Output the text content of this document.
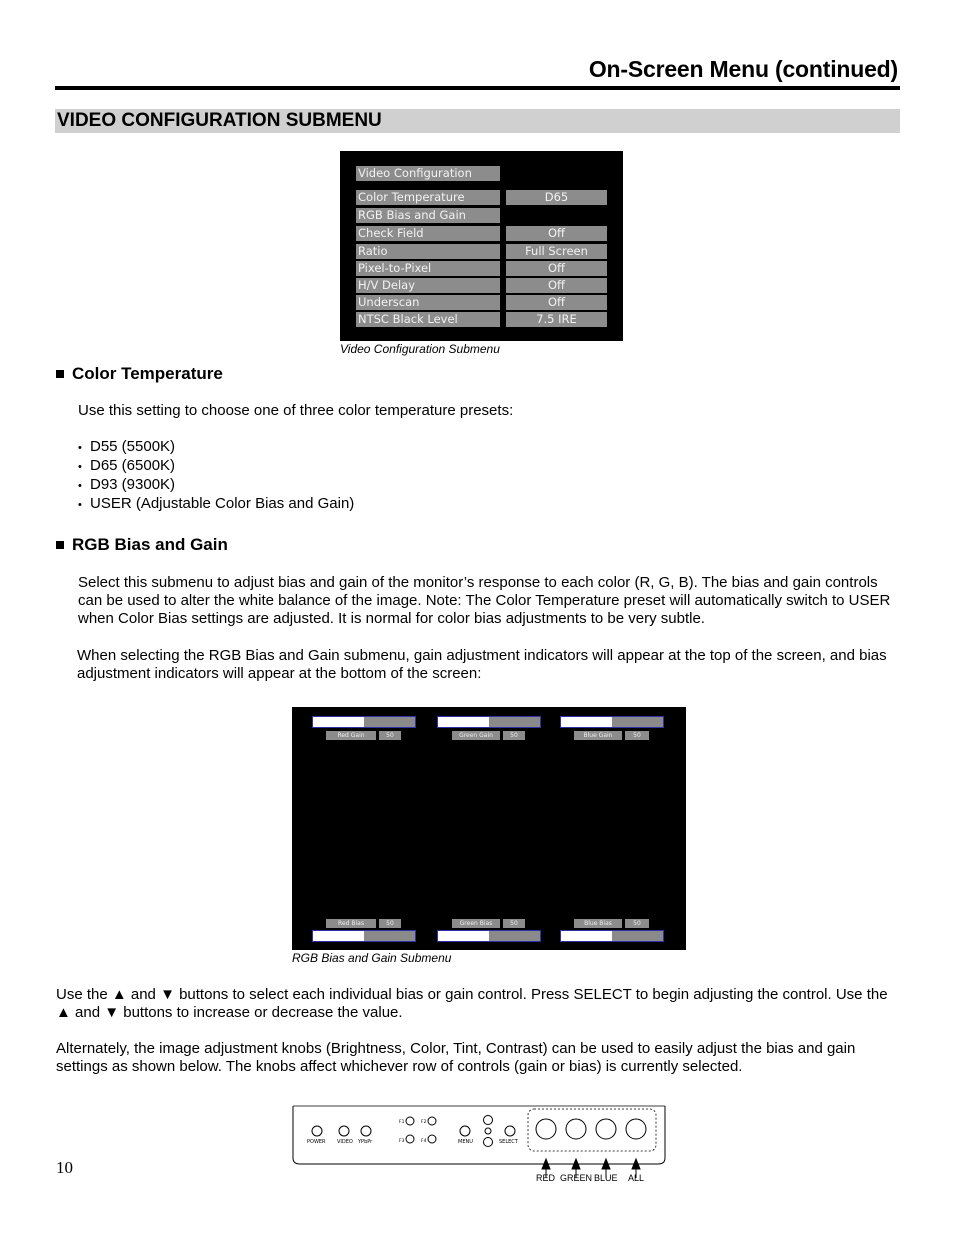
On-Screen Menu (continued)
VIDEO CONFIGURATION SUBMENU
Video Configuration
Color Temperature	D65
RGB Bias and Gain
Check Field	Off
Ratio	Full Screen
Pixel-to-Pixel	Off
H/V Delay	Off
Underscan	Off
NTSC Black Level	7.5 IRE
Video Configuration Submenu
Color Temperature
Use this setting to choose one of three color temperature presets:
• D55 (5500K)
• D65 (6500K)
• D93 (9300K)
• USER (Adjustable Color Bias and Gain)
RGB Bias and Gain
Select this submenu to adjust bias and gain of the monitor’s response to each color (R, G, B). The bias and gain controls can be used to alter the white balance of the image. Note: The Color Temperature preset will automatically switch to USER when Color Bias settings are adjusted. It is normal for color bias adjustments to be very subtle.
When selecting the RGB Bias and Gain submenu, gain adjustment indicators will appear at the top of the screen, and bias adjustment indicators will appear at the bottom of the screen:
Red Gain	50	Green Gain	50	Blue Gain	50
Red Bias	50	Green Bias	50	Blue Bias	50
RGB Bias and Gain Submenu
Use the ▲ and ▼ buttons to select each individual bias or gain control. Press SELECT to begin adjusting the control. Use the ▲ and ▼ buttons to increase or decrease the value.
Alternately, the image adjustment knobs (Brightness, Color, Tint, Contrast) can be used to easily adjust the bias and gain settings as shown below. The knobs affect whichever row of controls (gain or bias) is currently selected.
POWER VIDEO YPbPr
F1	F2
F3	F4	MENU	SELECT
RED GREEN BLUE ALL
10
